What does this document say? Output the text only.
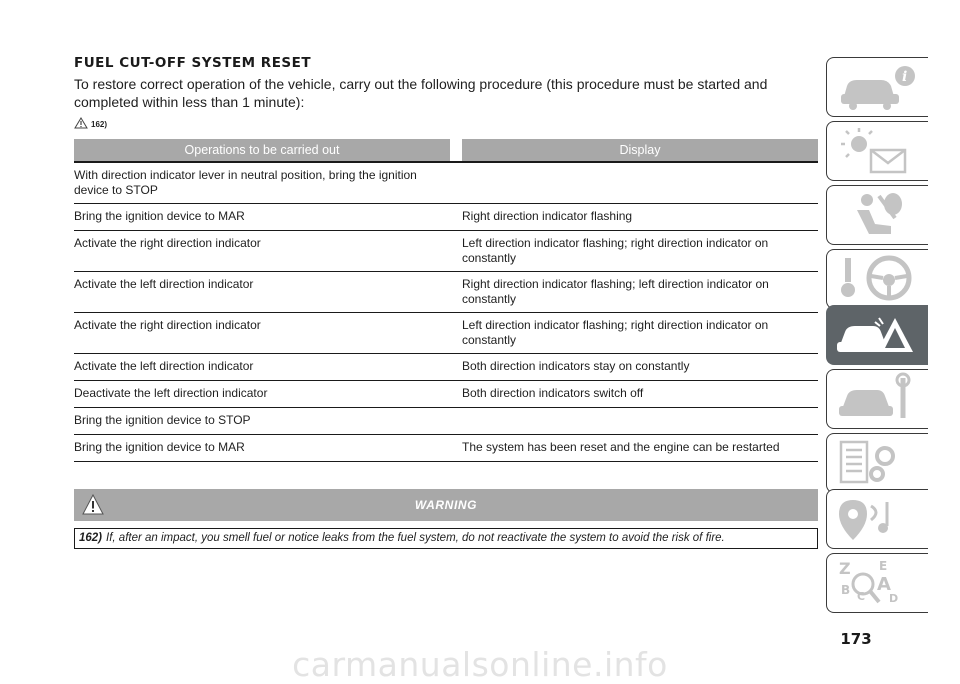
FUEL CUT-OFF SYSTEM RESET

To restore correct operation of the vehicle, carry out the following procedure (this procedure must be started and completed within less than 1 minute):

162)
Operations to be carried out		Display
With direction indicator lever in neutral position, bring the ignition device to STOP		
Bring the ignition device to MAR		Right direction indicator flashing
Activate the right direction indicator		Left direction indicator flashing; right direction indicator on constantly
Activate the left direction indicator		Right direction indicator flashing; left direction indicator on constantly
Activate the right direction indicator		Left direction indicator flashing; right direction indicator on constantly
Activate the left direction indicator		Both direction indicators stay on constantly
Deactivate the left direction indicator		Both direction indicators switch off
Bring the ignition device to STOP		
Bring the ignition device to MAR		The system has been reset and the engine can be restarted
WARNING
162) If, after an impact, you smell fuel or notice leaks from the fuel system, do not reactivate the system to avoid the risk of fire.
i
Z E
A
B C D
173
carmanualsonline.info
